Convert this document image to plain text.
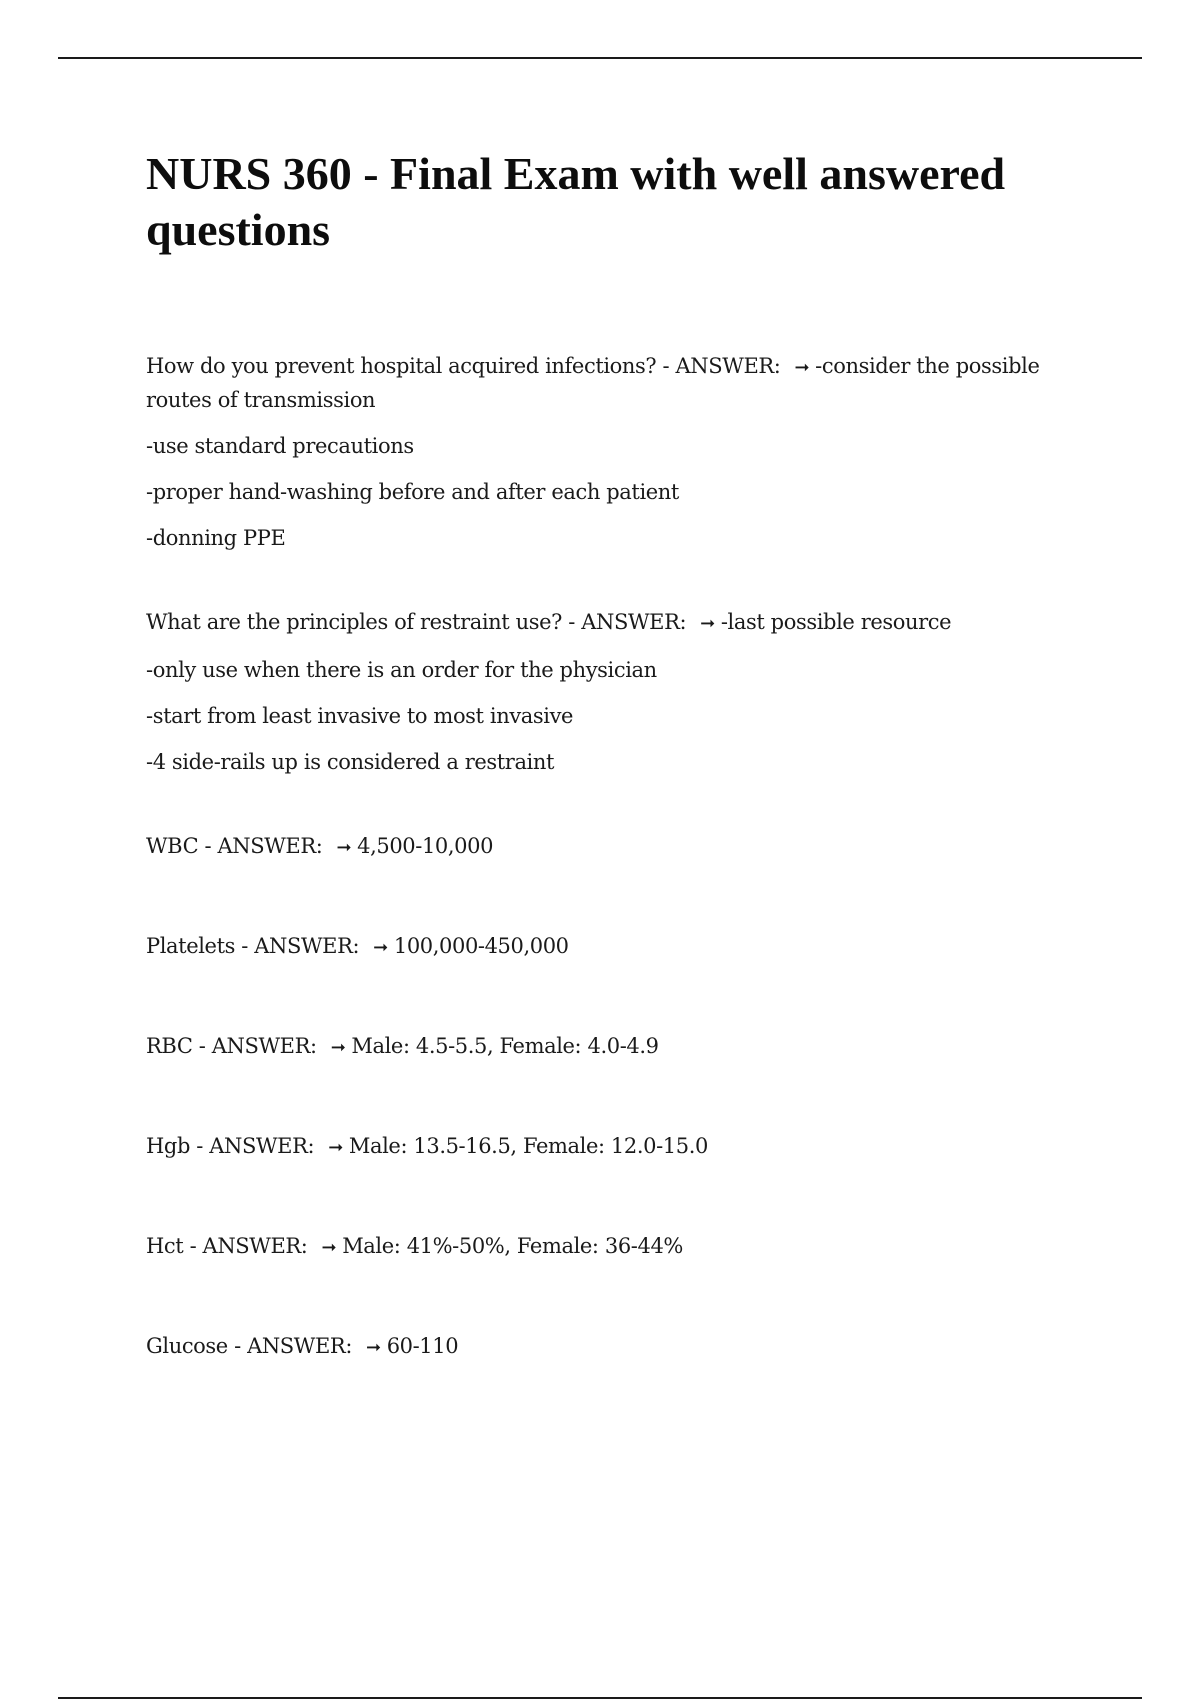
NURS 360 - Final Exam with well answered questions

How do you prevent hospital acquired infections? - ANSWER: ➞ -consider the possible routes of transmission

-use standard precautions

-proper hand-washing before and after each patient

-donning PPE

What are the principles of restraint use? - ANSWER: ➞ -last possible resource

-only use when there is an order for the physician

-start from least invasive to most invasive

-4 side-rails up is considered a restraint

WBC - ANSWER: ➞ 4,500-10,000

Platelets - ANSWER: ➞ 100,000-450,000

RBC - ANSWER: ➞ Male: 4.5-5.5, Female: 4.0-4.9

Hgb - ANSWER: ➞ Male: 13.5-16.5, Female: 12.0-15.0

Hct - ANSWER: ➞ Male: 41%-50%, Female: 36-44%

Glucose - ANSWER: ➞ 60-110
